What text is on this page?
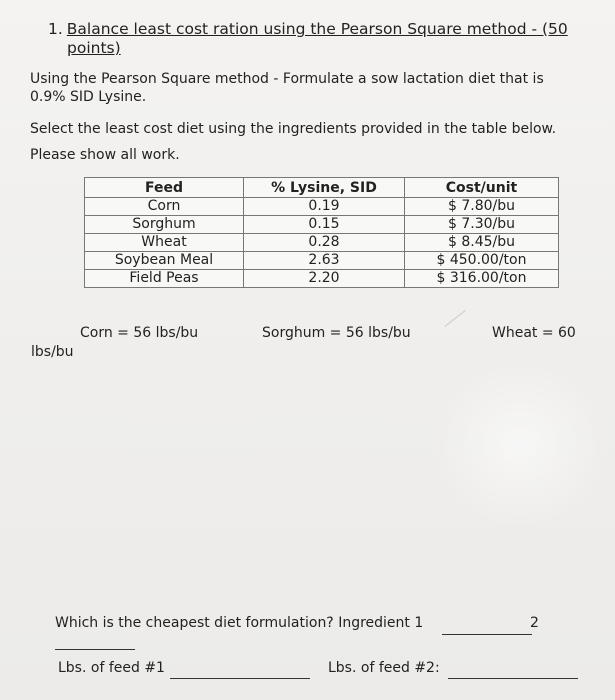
1. Balance least cost ration using the Pearson Square method - (50
points)
Using the Pearson Square method - Formulate a sow lactation diet that is
0.9% SID Lysine.
Select the least cost diet using the ingredients provided in the table below.
Please show all work.
Feed	% Lysine, SID	Cost/unit
Corn	0.19	$ 7.80/bu
Sorghum	0.15	$ 7.30/bu
Wheat	0.28	$ 8.45/bu
Soybean Meal	2.63	$ 450.00/ton
Field Peas	2.20	$ 316.00/ton
Corn = 56 lbs/bu	Sorghum = 56 lbs/bu	Wheat = 60
lbs/bu
Which is the cheapest diet formulation? Ingredient 1	2
Lbs. of feed #1	Lbs. of feed #2:
